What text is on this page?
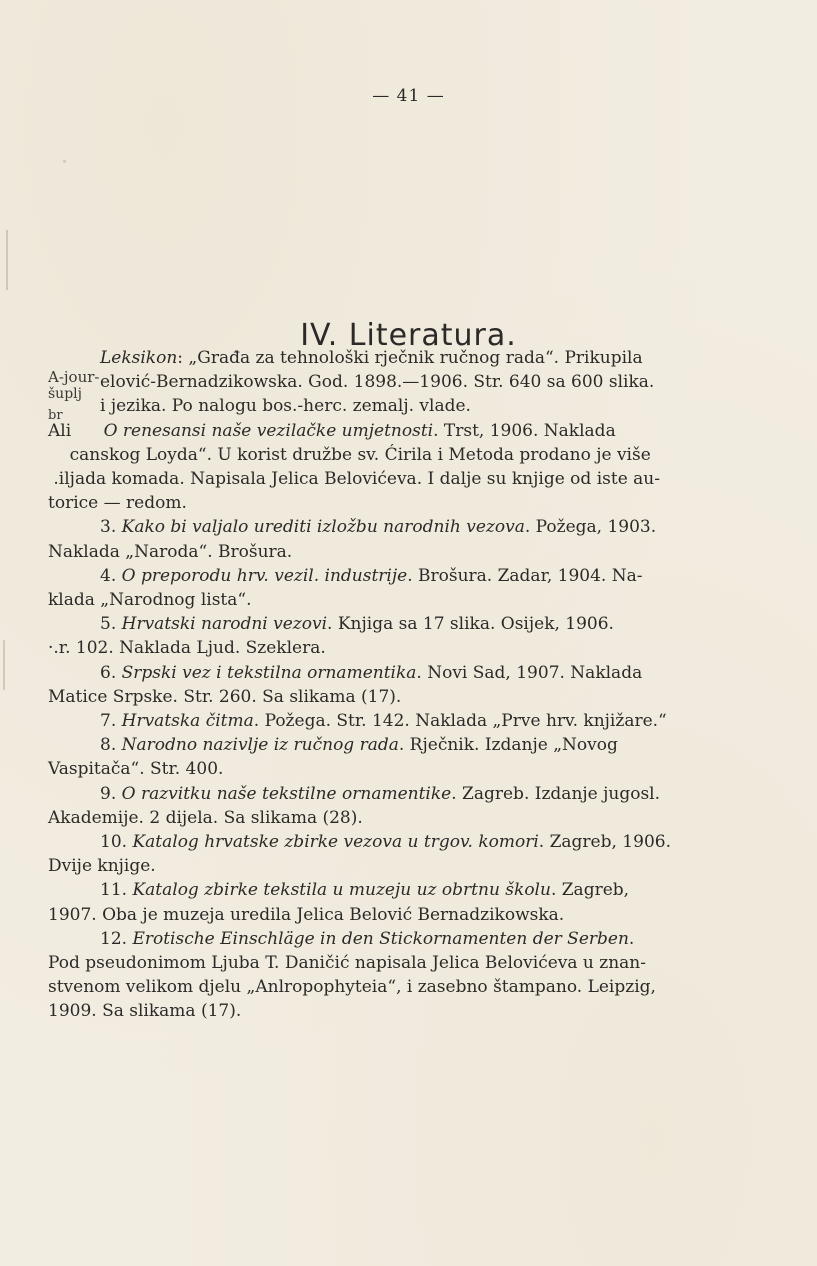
— 41 —
IV. Literatura.
A-jour-
šuplj
br
Leksikon: „Građa za tehnološki rječnik ručnog rada“. Prikupila
elović-Bernadzikowska. God. 1898.—1906. Str. 640 sa 600 slika.
i jezika. Po nalogu bos.-herc. zemalj. vlade.
Ali      O renesansi naše vezilačke umjetnosti. Trst, 1906. Naklada
canskog Loyda“. U korist družbe sv. Ćirila i Metoda prodano je više
.iljada komada. Napisala Jelica Belovićeva. I dalje su knjige od iste au-
torice — redom.
3. Kako bi valjalo urediti izložbu narodnih vezova. Požega, 1903.
Naklada „Naroda“. Brošura.
4. O preporodu hrv. vezil. industrije. Brošura. Zadar, 1904. Na-
klada „Narodnog lista“.
5. Hrvatski narodni vezovi. Knjiga sa 17 slika. Osijek, 1906.
·.r. 102. Naklada Ljud. Szeklera.
6. Srpski vez i tekstilna ornamentika. Novi Sad, 1907. Naklada
Matice Srpske. Str. 260. Sa slikama (17).
7. Hrvatska čitma. Požega. Str. 142. Naklada „Prve hrv. knjižare.“
8. Narodno nazivlje iz ručnog rada. Rječnik. Izdanje „Novog
Vaspitača“. Str. 400.
9. O razvitku naše tekstilne ornamentike. Zagreb. Izdanje jugosl.
Akademije. 2 dijela. Sa slikama (28).
10. Katalog hrvatske zbirke vezova u trgov. komori. Zagreb, 1906.
Dvije knjige.
11. Katalog zbirke tekstila u muzeju uz obrtnu školu. Zagreb,
1907. Oba je muzeja uredila Jelica Belović Bernadzikowska.
12. Erotische Einschläge in den Stickornamenten der Serben.
Pod pseudonimom Ljuba T. Daničić napisala Jelica Belovićeva u znan-
stvenom velikom djelu „Anlropophyteia“, i zasebno štampano. Leipzig,
1909. Sa slikama (17).
